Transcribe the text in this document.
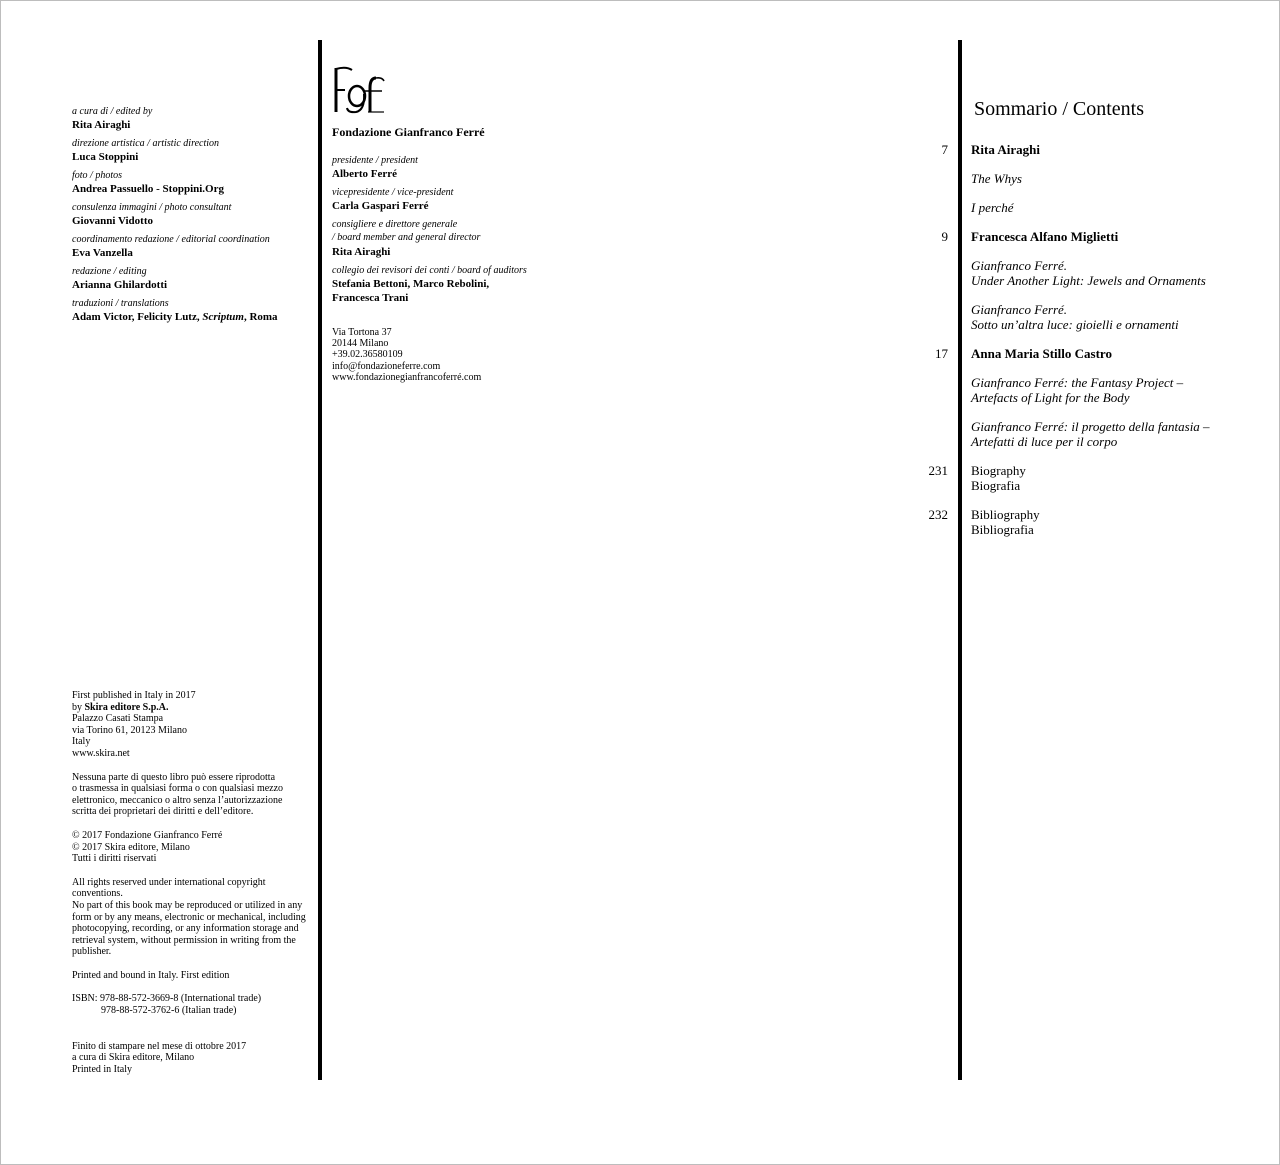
a cura di / edited by
Rita Airaghi
direzione artistica / artistic direction
Luca Stoppini
foto / photos
Andrea Passuello - Stoppini.Org
consulenza immagini / photo consultant
Giovanni Vidotto
coordinamento redazione / editorial coordination
Eva Vanzella
redazione / editing
Arianna Ghilardotti
traduzioni / translations
Adam Victor, Felicity Lutz, Scriptum, Roma
First published in Italy in 2017
by Skira editore S.p.A.
Palazzo Casati Stampa
via Torino 61, 20123 Milano
Italy
www.skira.net
Nessuna parte di questo libro può essere riprodotta
o trasmessa in qualsiasi forma o con qualsiasi mezzo
elettronico, meccanico o altro senza l’autorizzazione
scritta dei proprietari dei diritti e dell’editore.
© 2017 Fondazione Gianfranco Ferré
© 2017 Skira editore, Milano
Tutti i diritti riservati
All rights reserved under international copyright
conventions.
No part of this book may be reproduced or utilized in any
form or by any means, electronic or mechanical, including
photocopying, recording, or any information storage and
retrieval system, without permission in writing from the
publisher.
Printed and bound in Italy. First edition
ISBN: 978-88-572-3669-8 (International trade)
978-88-572-3762-6 (Italian trade)
Finito di stampare nel mese di ottobre 2017
a cura di Skira editore, Milano
Printed in Italy
Fondazione Gianfranco Ferré
presidente / president
Alberto Ferré
vicepresidente / vice-president
Carla Gaspari Ferré
consigliere e direttore generale
/ board member and general director
Rita Airaghi
collegio dei revisori dei conti / board of auditors
Stefania Bettoni, Marco Rebolini,
Francesca Trani
Via Tortona 37
20144 Milano
+39.02.36580109
info@fondazioneferre.com
www.fondazionegianfrancoferré.com
Sommario / Contents
7 Rita Airaghi
The Whys
I perché
9 Francesca Alfano Miglietti
Gianfranco Ferré.
Under Another Light: Jewels and Ornaments
Gianfranco Ferré.
Sotto un’altra luce: gioielli e ornamenti
17 Anna Maria Stillo Castro
Gianfranco Ferré: the Fantasy Project –
Artefacts of Light for the Body
Gianfranco Ferré: il progetto della fantasia –
Artefatti di luce per il corpo
231 Biography
Biografia
232 Bibliography
Bibliografia
